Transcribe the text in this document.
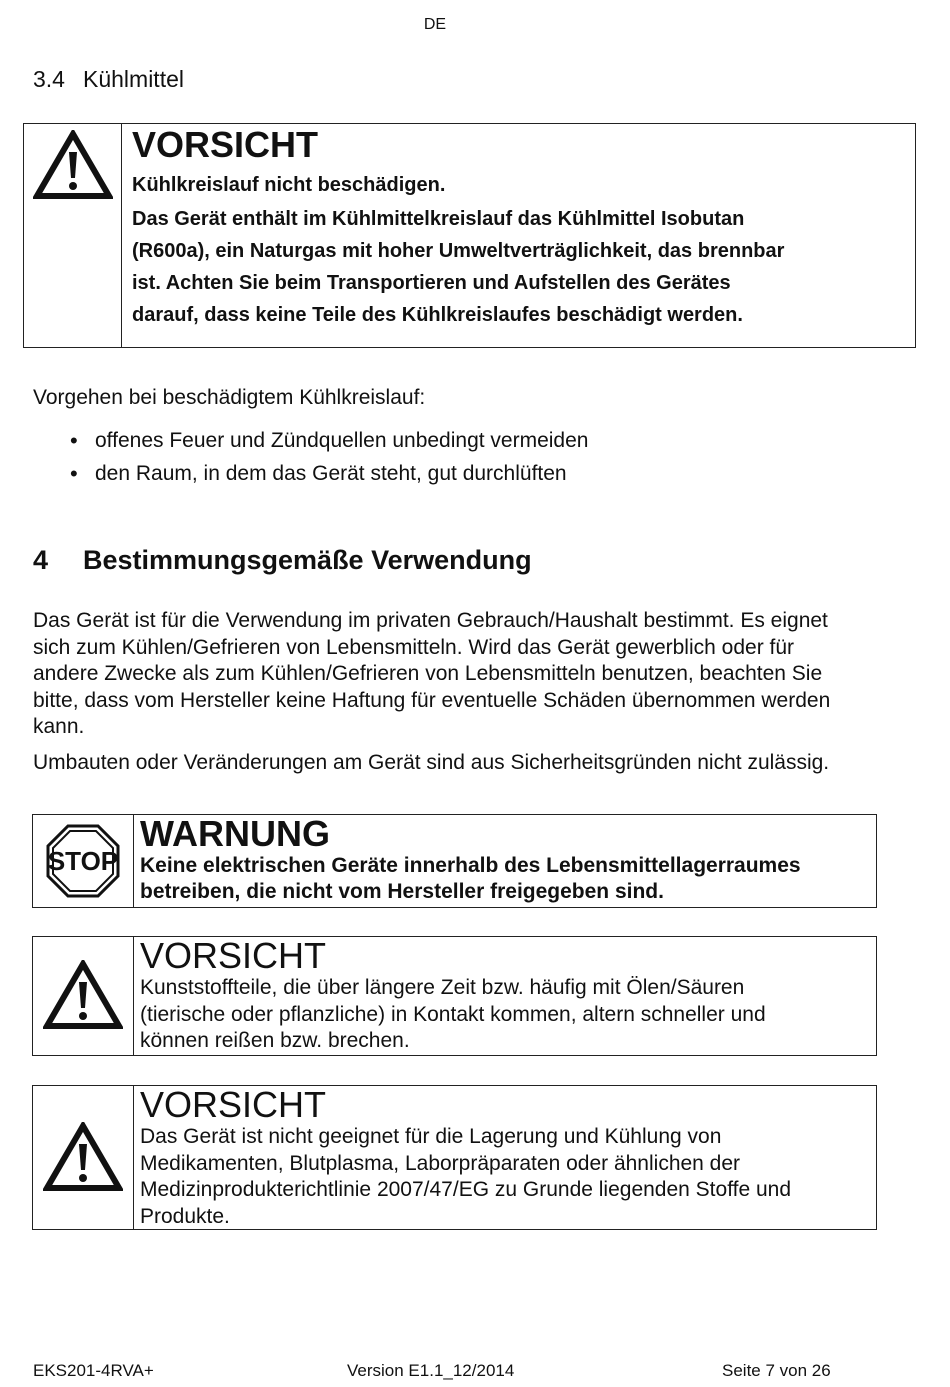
DE
3.4 Kühlmittel
VORSICHT
Kühlkreislauf nicht beschädigen.
Das Gerät enthält im Kühlmittelkreislauf das Kühlmittel Isobutan
(R600a), ein Naturgas mit hoher Umweltverträglichkeit, das brennbar
ist. Achten Sie beim Transportieren und Aufstellen des Gerätes
darauf, dass keine Teile des Kühlkreislaufes beschädigt werden.
Vorgehen bei beschädigtem Kühlkreislauf:
• offenes Feuer und Zündquellen unbedingt vermeiden
• den Raum, in dem das Gerät steht, gut durchlüften
4 Bestimmungsgemäße Verwendung
Das Gerät ist für die Verwendung im privaten Gebrauch/Haushalt bestimmt. Es eignet
sich zum Kühlen/Gefrieren von Lebensmitteln. Wird das Gerät gewerblich oder für
andere Zwecke als zum Kühlen/Gefrieren von Lebensmitteln benutzen, beachten Sie
bitte, dass vom Hersteller keine Haftung für eventuelle Schäden übernommen werden
kann.
Umbauten oder Veränderungen am Gerät sind aus Sicherheitsgründen nicht zulässig.
STOP
WARNUNG
Keine elektrischen Geräte innerhalb des Lebensmittellagerraumes
betreiben, die nicht vom Hersteller freigegeben sind.
VORSICHT
Kunststoffteile, die über längere Zeit bzw. häufig mit Ölen/Säuren
(tierische oder pflanzliche) in Kontakt kommen, altern schneller und
können reißen bzw. brechen.
VORSICHT
Das Gerät ist nicht geeignet für die Lagerung und Kühlung von
Medikamenten, Blutplasma, Laborpräparaten oder ähnlichen der
Medizinprodukterichtlinie 2007/47/EG zu Grunde liegenden Stoffe und
Produkte.
EKS201-4RVA+	Version E1.1_12/2014	Seite 7 von 26
